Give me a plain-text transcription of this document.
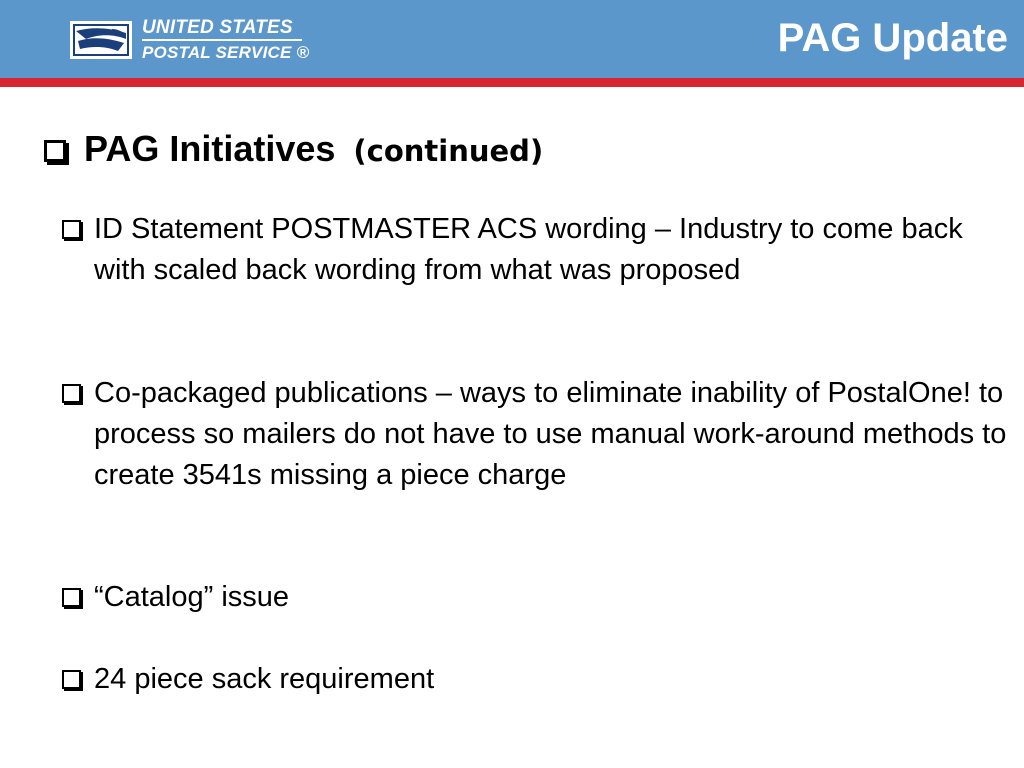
UNITED STATES
POSTAL SERVICE ®	PAG Update
PAG Initiatives (continued)
ID Statement POSTMASTER ACS wording – Industry to come back with scaled back wording from what was proposed
Co-packaged publications – ways to eliminate inability of PostalOne! to process so mailers do not have to use manual work-around methods to create 3541s missing a piece charge
“Catalog” issue
24 piece sack requirement
